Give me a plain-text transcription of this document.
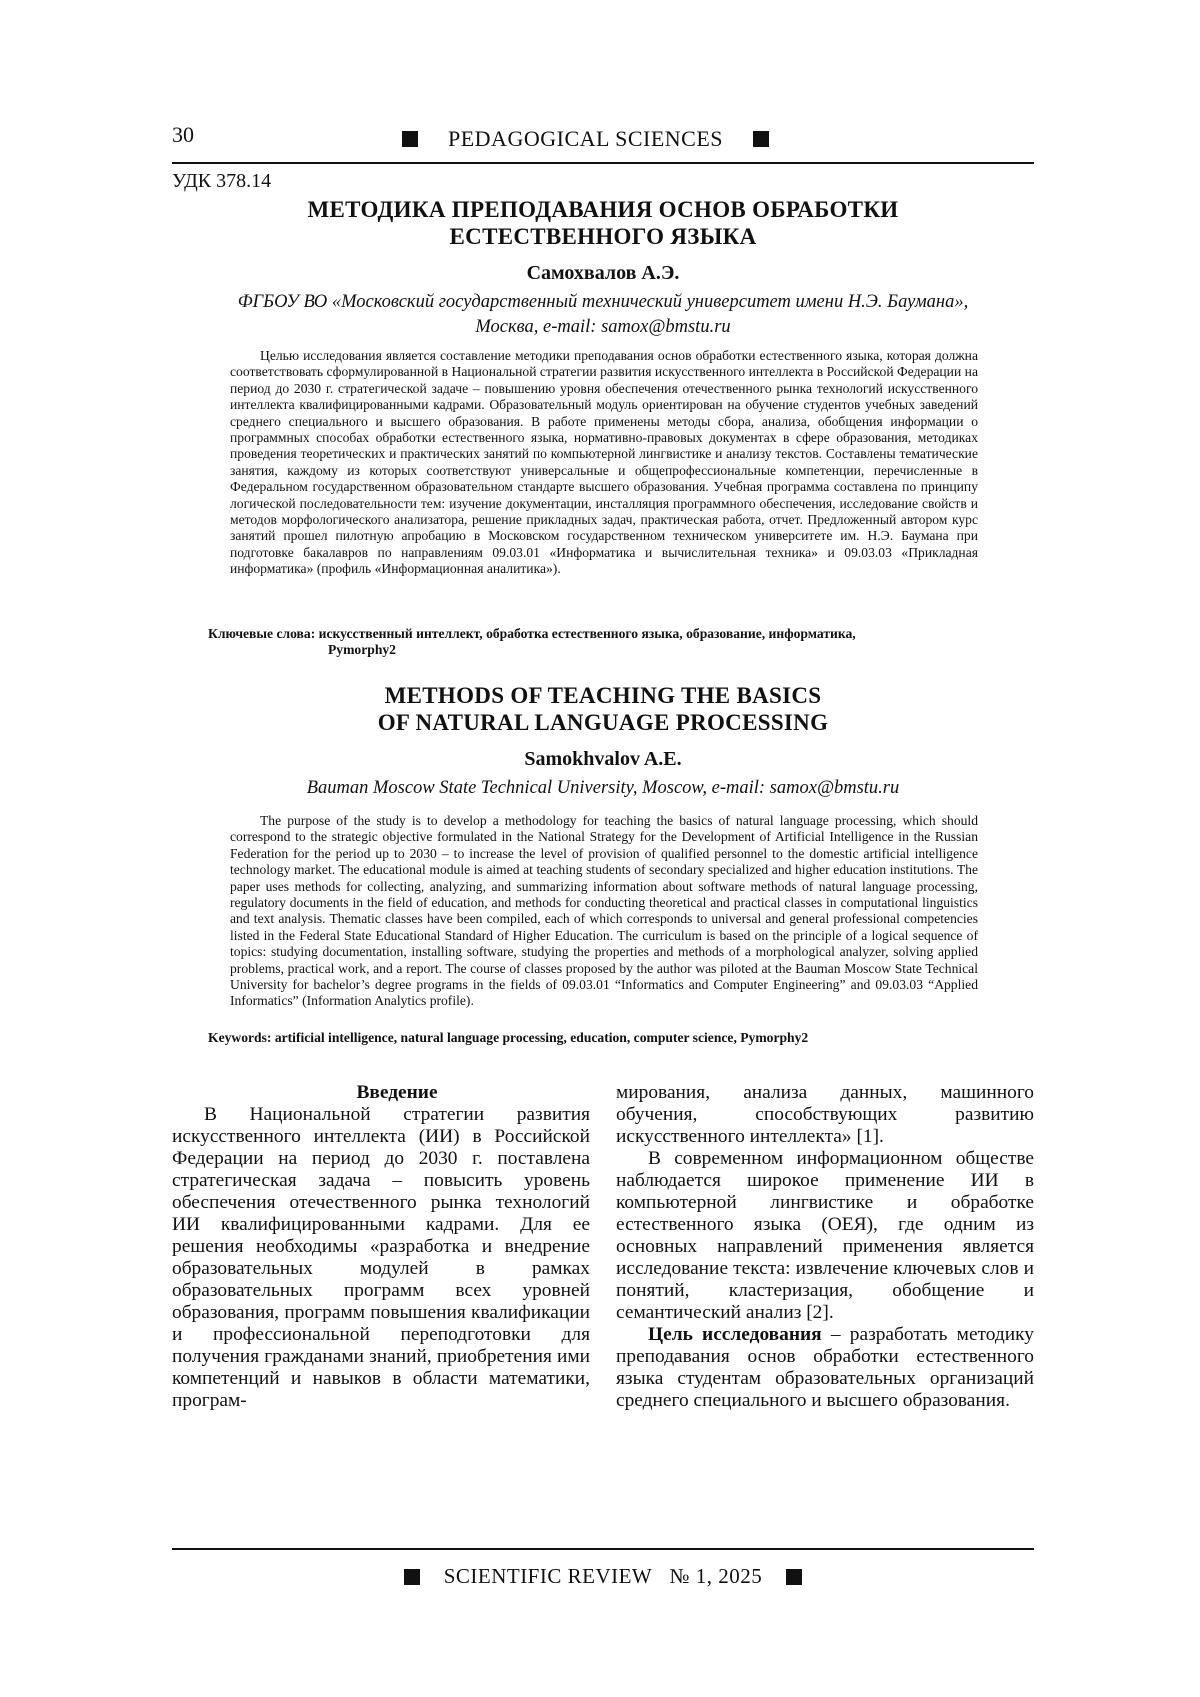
30	PEDAGOGICAL SCIENCES
УДК 378.14
МЕТОДИКА ПРЕПОДАВАНИЯ ОСНОВ ОБРАБОТКИ
ЕСТЕСТВЕННОГО ЯЗЫКА
Самохвалов А.Э.
ФГБОУ ВО «Московский государственный технический университет имени Н.Э. Баумана»,
Москва, e-mail: samox@bmstu.ru
Целью исследования является составление методики преподавания основ обработки естественного языка, которая должна соответствовать сформулированной в Национальной стратегии развития искусственного интеллекта в Российской Федерации на период до 2030 г. стратегической задаче – повышению уровня обеспечения отечественного рынка технологий искусственного интеллекта квалифицированными кадрами. Образовательный модуль ориентирован на обучение студентов учебных заведений среднего специального и высшего образования. В работе применены методы сбора, анализа, обобщения информации о программных способах обработки естественного языка, нормативно-правовых документах в сфере образования, методиках проведения теоретических и практических занятий по компьютерной лингвистике и анализу текстов. Составлены тематические занятия, каждому из которых соответствуют универсальные и общепрофессиональные компетенции, перечисленные в Федеральном государственном образовательном стандарте высшего образования. Учебная программа составлена по принципу логической последовательности тем: изучение документации, инсталляция программного обеспечения, исследование свойств и методов морфологического анализатора, решение прикладных задач, практическая работа, отчет. Предложенный автором курс занятий прошел пилотную апробацию в Московском государственном техническом университете им. Н.Э. Баумана при подготовке бакалавров по направлениям 09.03.01 «Информатика и вычислительная техника» и 09.03.03 «Прикладная информатика» (профиль «Информационная аналитика»).
Ключевые слова: искусственный интеллект, обработка естественного языка, образование, информатика,
Pymorphy2
METHODS OF TEACHING THE BASICS
OF NATURAL LANGUAGE PROCESSING
Samokhvalov A.E.
Bauman Moscow State Technical University, Moscow, e-mail: samox@bmstu.ru
The purpose of the study is to develop a methodology for teaching the basics of natural language processing, which should correspond to the strategic objective formulated in the National Strategy for the Development of Artificial Intelligence in the Russian Federation for the period up to 2030 – to increase the level of provision of qualified personnel to the domestic artificial intelligence technology market. The educational module is aimed at teaching students of secondary specialized and higher education institutions. The paper uses methods for collecting, analyzing, and summarizing information about software methods of natural language processing, regulatory documents in the field of education, and methods for conducting theoretical and practical classes in computational linguistics and text analysis. Thematic classes have been compiled, each of which corresponds to universal and general professional competencies listed in the Federal State Educational Standard of Higher Education. The curriculum is based on the principle of a logical sequence of topics: studying documentation, installing software, studying the properties and methods of a morphological analyzer, solving applied problems, practical work, and a report. The course of classes proposed by the author was piloted at the Bauman Moscow State Technical University for bachelor’s degree programs in the fields of 09.03.01 “Informatics and Computer Engineering” and 09.03.03 “Applied Informatics” (Information Analytics profile).
Keywords: artificial intelligence, natural language processing, education, computer science, Pymorphy2

Введение

В Национальной стратегии развития искусственного интеллекта (ИИ) в Российской Федерации на период до 2030 г. поставлена стратегическая задача – повысить уровень обеспечения отечественного рынка технологий ИИ квалифицированными кадрами. Для ее решения необходимы «разработка и внедрение образовательных модулей в рамках образовательных программ всех уровней образования, программ повышения квалификации и профессиональной переподготовки для получения гражданами знаний, приобретения ими компетенций и навыков в области математики, програм-

мирования, анализа данных, машинного обучения, способствующих развитию искусственного интеллекта» [1].

В современном информационном обществе наблюдается широкое применение ИИ в компьютерной лингвистике и обработке естественного языка (ОЕЯ), где одним из основных направлений применения является исследование текста: извлечение ключевых слов и понятий, кластеризация, обобщение и семантический анализ [2].

Цель исследования – разработать методику преподавания основ обработки естественного языка студентам образовательных организаций среднего специального и высшего образования.

SCIENTIFIC REVIEW № 1, 2025
